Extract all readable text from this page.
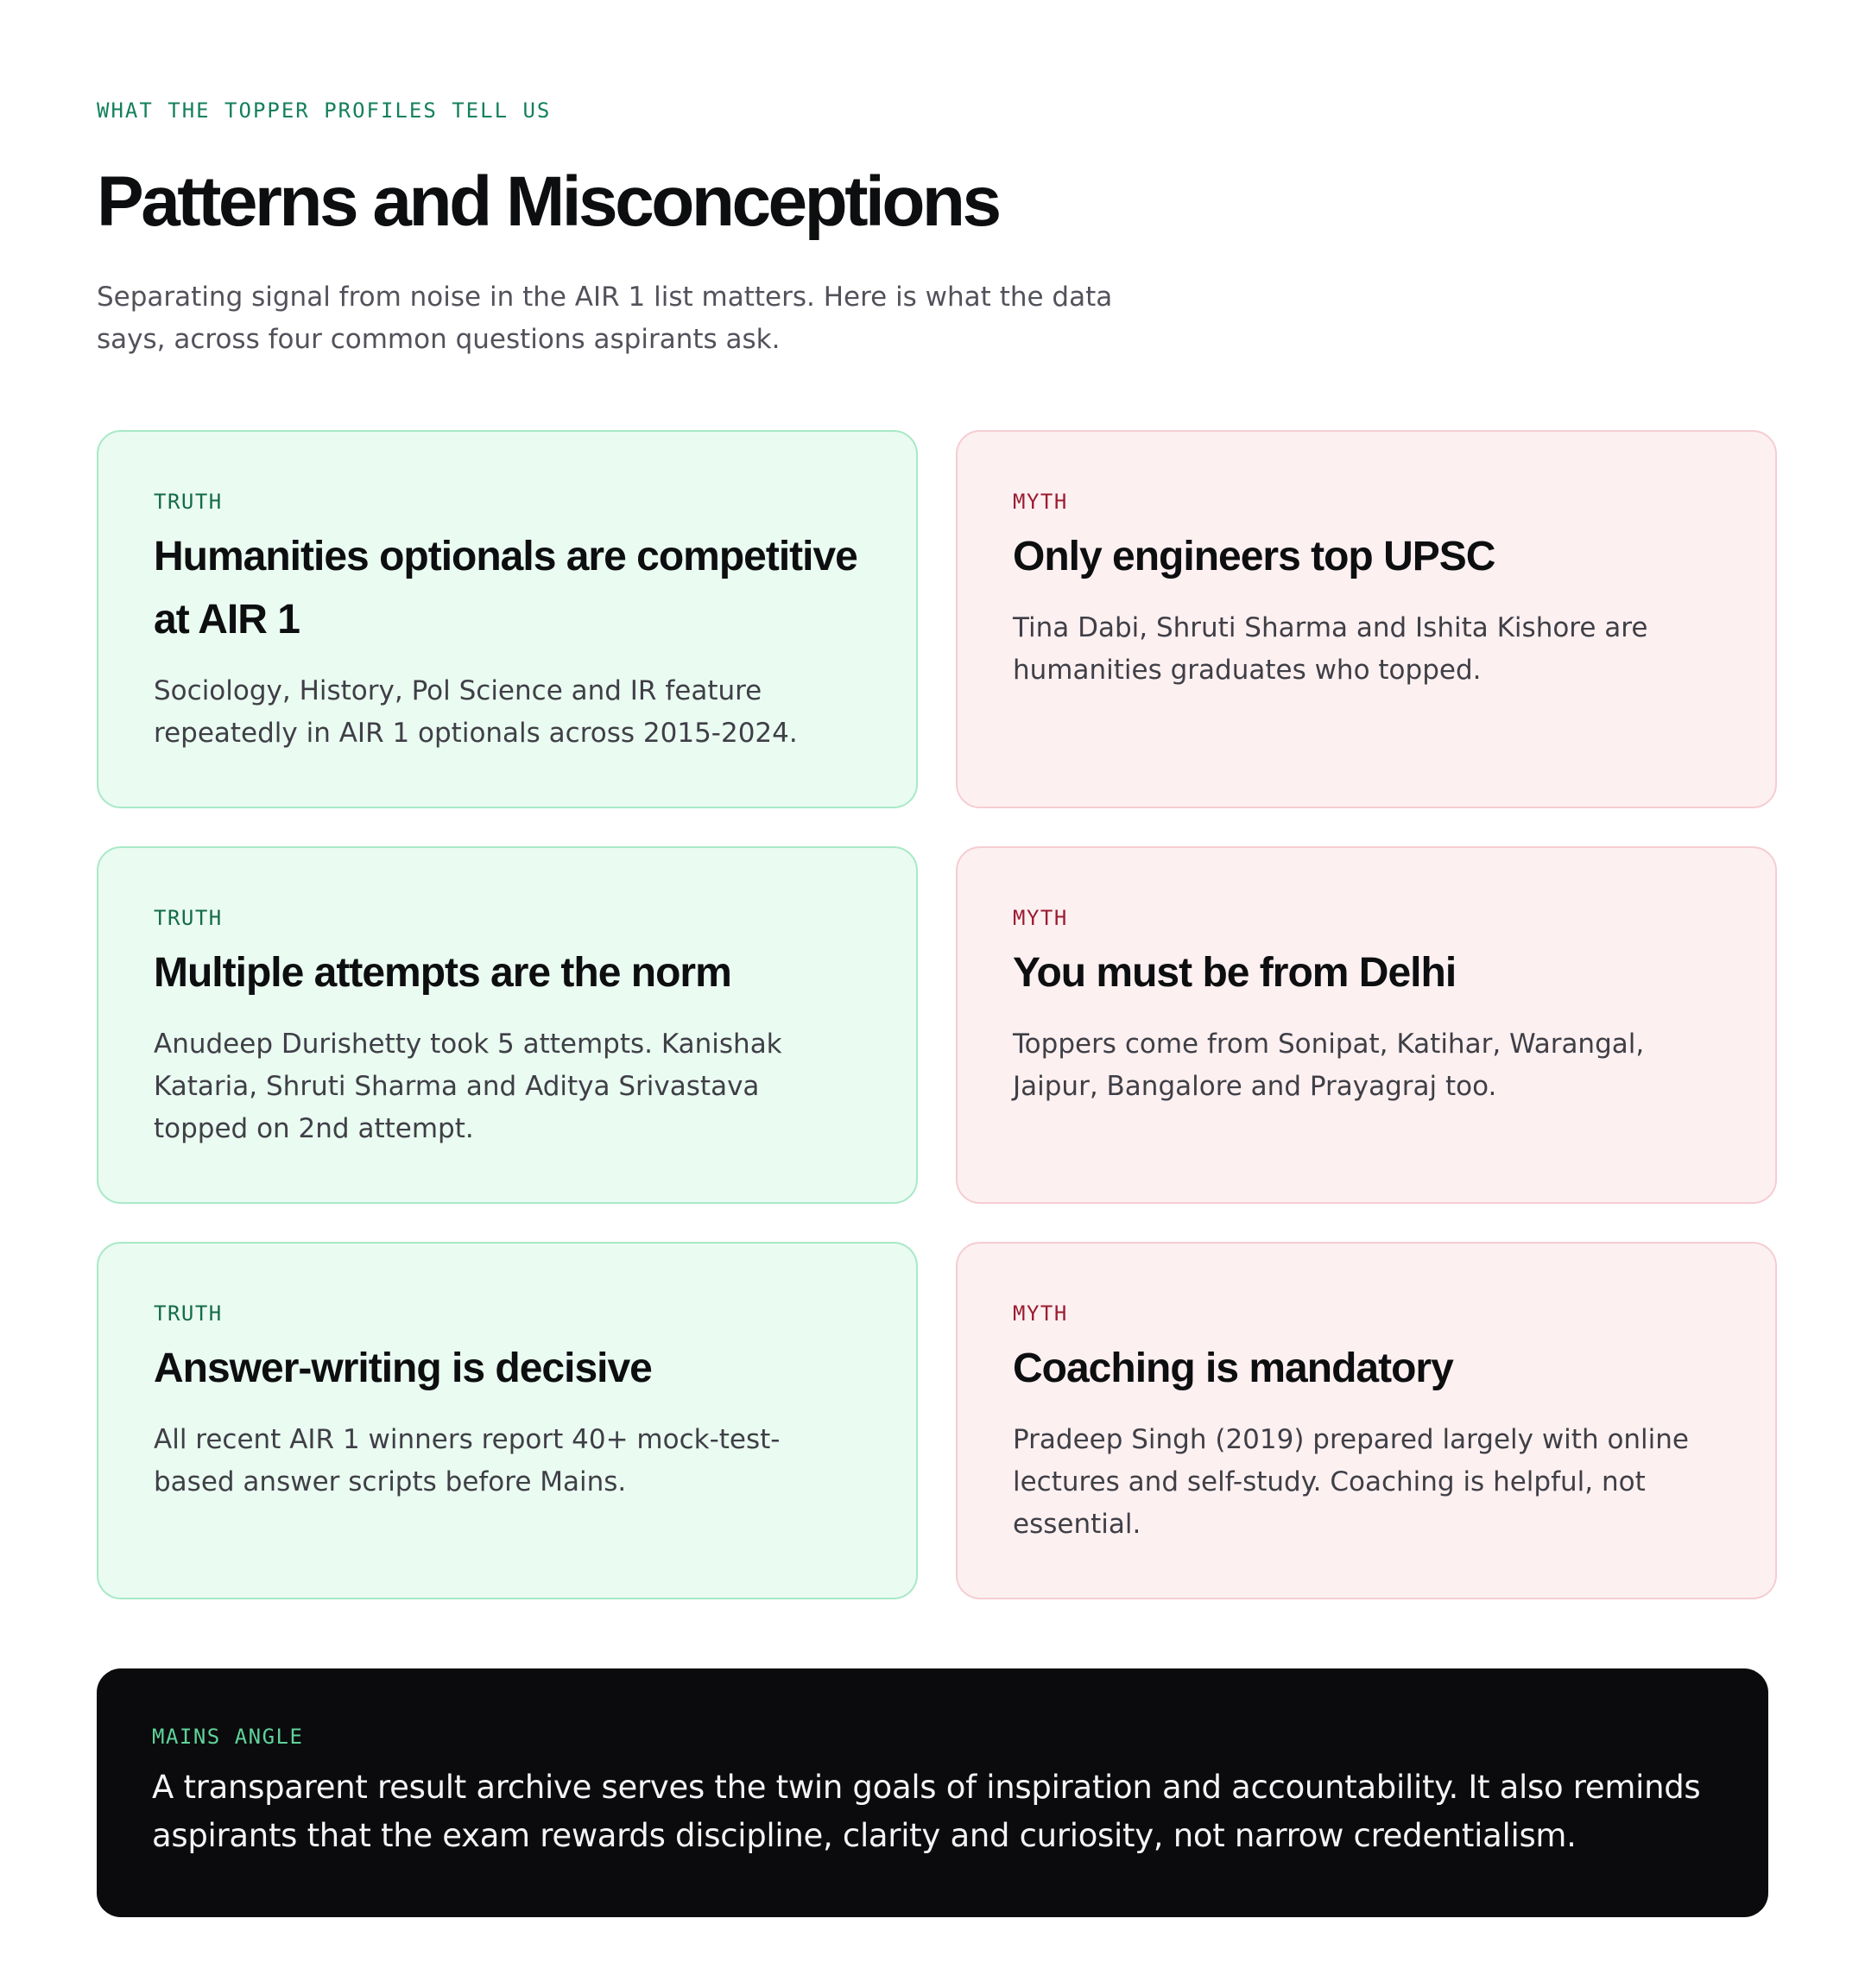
WHAT THE TOPPER PROFILES TELL US
Patterns and Misconceptions

Separating signal from noise in the AIR 1 list matters. Here is what the data says, across four common questions aspirants ask.

TRUTH
Humanities optionals are competitive at AIR 1

Sociology, History, Pol Science and IR feature repeatedly in AIR 1 optionals across 2015-2024.

MYTH
Only engineers top UPSC

Tina Dabi, Shruti Sharma and Ishita Kishore are humanities graduates who topped.

TRUTH
Multiple attempts are the norm

Anudeep Durishetty took 5 attempts. Kanishak Kataria, Shruti Sharma and Aditya Srivastava topped on 2nd attempt.

MYTH
You must be from Delhi

Toppers come from Sonipat, Katihar, Warangal, Jaipur, Bangalore and Prayagraj too.

TRUTH
Answer-writing is decisive

All recent AIR 1 winners report 40+ mock-test-based answer scripts before Mains.

MYTH
Coaching is mandatory

Pradeep Singh (2019) prepared largely with online lectures and self-study. Coaching is helpful, not essential.

MAINS ANGLE

A transparent result archive serves the twin goals of inspiration and accountability. It also reminds aspirants that the exam rewards discipline, clarity and curiosity, not narrow credentialism.
